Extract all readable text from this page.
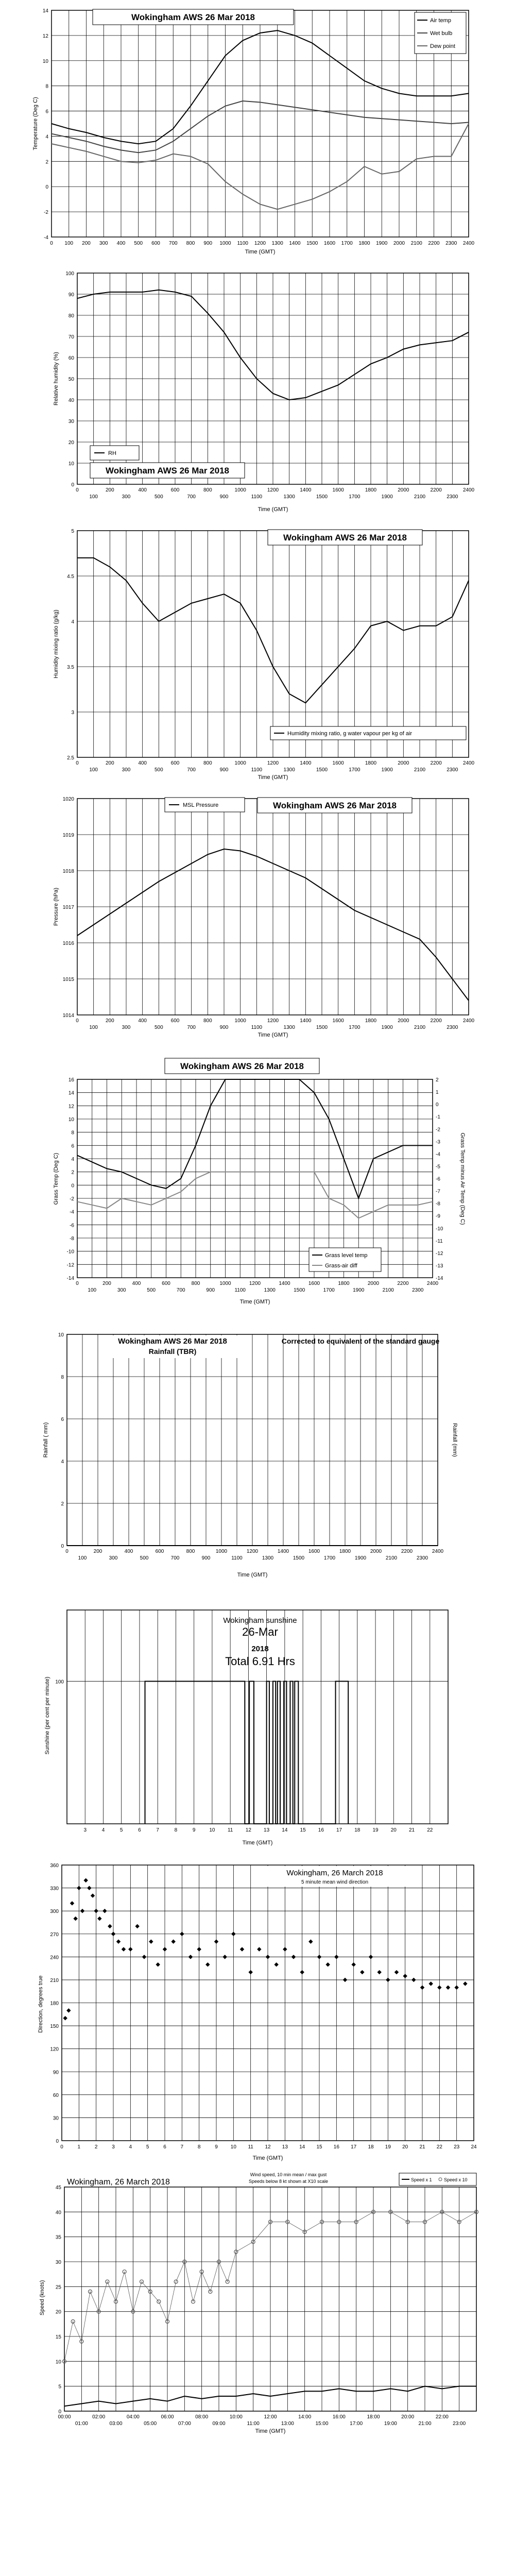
-4
-2
0
2
4
6
8
10
12
14
0 100 200 300 400 500 600 700 800 900 1000 1100 1200 1300 1400 1500 1600 1700 1800 1900 2000 2100 2200 2300 2400
Wokingham AWS 26 Mar 2018	Air temp
Wet bulb
Dew point
Time (GMT)
Temperature (Deg C)
0
10
20
30
40
50
60
70
80
90
100
0	200	400	600	800	1000	1200	1400	1600	1800	2000	2200	2400
100	300	500	700	900	1100	1300	1500	1700	1900	2100	2300
RH
Wokingham AWS 26 Mar 2018
Time (GMT)
Relative humidity (%)
2.5
3
3.5
4
4.5
5
0	200	400	600	800	1000	1200	1400	1600	1800	2000	2200	2400
100	300	500	700	900	1100	1300	1500	1700	1900	2100	2300
Wokingham AWS 26 Mar 2018
Humidity mixing ratio, g water vapour per kg of air
Time (GMT)
Humidity mixing ratio (g/kg)
1014
1015
1016
1017
1018
1019
1020
0	200	400	600	800	1000	1200	1400	1600	1800	2000	2200	2400
100	300	500	700	900	1100	1300	1500	1700	1900	2100	2300
MSL Pressure	Wokingham AWS 26 Mar 2018
Time (GMT)
Pressure (hPa)
-14
-12
-10
-8
-6
-4
-2
0
2
4
6
8
10
12
14
16
-14
-13
-12
-11
-10
-9
-8
-7
-6
-5
-4
-3
-2
-1
0
1
2
0	200	400	600	800	1000	1200	1400	1600	1800	2000	2200	2400
100	300	500	700	900	1100	1300	1500	1700	1900	2100	2300
Wokingham AWS 26 Mar 2018
Grass level temp
Grass-air diff
Time (GMT)
Grass Temp (Deg C)	Grass Temp minus Air Temp (Deg C)
0
2
4
6
8
10
0	200	400	600	800	1000	1200	1400	1600	1800	2000	2200	2400
100	300	500	700	900	1100	1300	1500	1700	1900	2100	2300
Wokingham AWS 26 Mar 2018
Rainfall (TBR)
Corrected to equivalent of the standard gauge
Time (GMT)
Rainfall ( mm)	Rainfall (mm)
100
3	4	5	6	7	8	9	10 11 12 13 14 15 16 17 18 19 20 21 22
Wokingham sunshine
26-Mar
2018
Total 6.91 Hrs
Time (GMT)
Sunshine (per cent per minute)
0
30
60
90
120
150
180
210
240
270
300
330
360
0	1	2	3	4	5	6	7	8	9 10 11 12 13 14 15 16 17 18 19 20 21 22 23 24
Wokingham, 26 March 2018
5 minute mean wind direction
Time (GMT)
Direction, degrees true
0
5
10
15
20
25
30
35
40
45
00:00	02:00	04:00	06:00	08:00	10:00	12:00	14:00	16:00	18:00	20:00	22:00
01:00	03:00	05:00	07:00	09:00	11:00	13:00	15:00	17:00	19:00	21:00	23:00
Wokingham, 26 March 2018
Wind speed, 10 min mean / max gust
Speeds below 8 kt shown at X10 scale	Speed x 1	Speed x 10
Time (GMT)
Speed (knots)
